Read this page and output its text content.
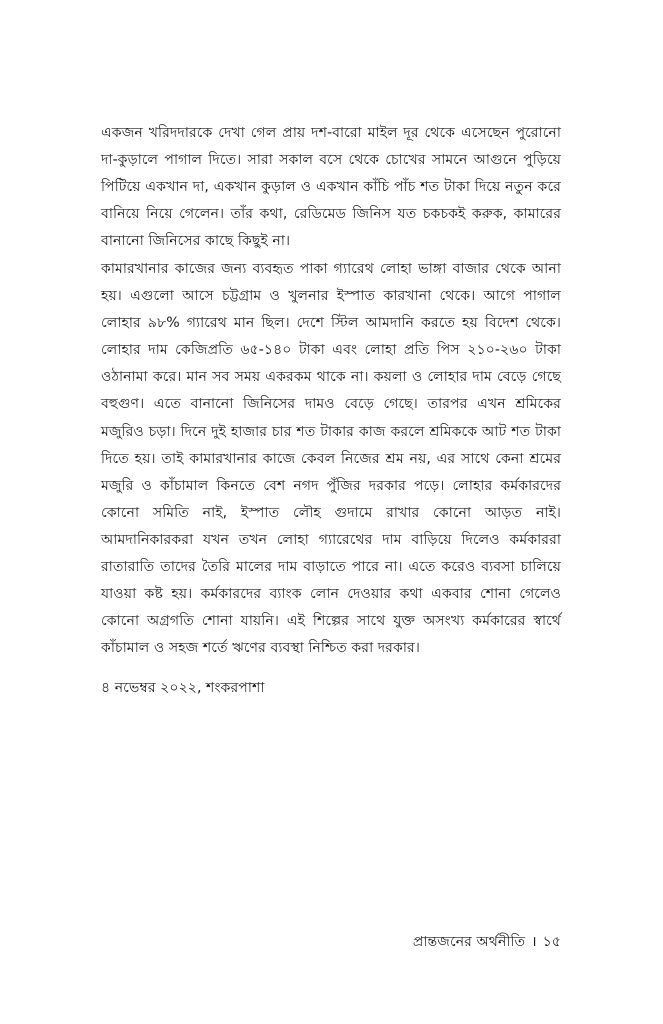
একজন খরিদদারকে দেখা গেল প্রায় দশ-বারো মাইল দূর থেকে এসেছেন পুরোনো দা-কুড়ালে পাগাল দিতে। সারা সকাল বসে থেকে চোখের সামনে আগুনে পুড়িয়ে পিটিয়ে একখান দা, একখান কুড়াল ও একখান কাঁচি পাঁচ শত টাকা দিয়ে নতুন করে বানিয়ে নিয়ে গেলেন। তাঁর কথা, রেডিমেড জিনিস যত চকচকই করুক, কামারের বানানো জিনিসের কাছে কিছুই না।

কামারখানার কাজের জন্য ব্যবহৃত পাকা গ্যারেথ লোহা ভাঙ্গা বাজার থেকে আনা হয়। এগুলো আসে চট্টগ্রাম ও খুলনার ইস্পাত কারখানা থেকে। আগে পাগাল লোহার ৯৮% গ্যারেথ মান ছিল। দেশে স্টিল আমদানি করতে হয় বিদেশ থেকে। লোহার দাম কেজিপ্রতি ৬৫-১৪০ টাকা এবং লোহা প্রতি পিস ২১০-২৬০ টাকা ওঠানামা করে। মান সব সময় একরকম থাকে না। কয়লা ও লোহার দাম বেড়ে গেছে বহুগুণ। এতে বানানো জিনিসের দামও বেড়ে গেছে। তারপর এখন শ্রমিকের মজুরিও চড়া। দিনে দুই হাজার চার শত টাকার কাজ করলে শ্রমিককে আট শত টাকা দিতে হয়। তাই কামারখানার কাজে কেবল নিজের শ্রম নয়, এর সাথে কেনা শ্রমের মজুরি ও কাঁচামাল কিনতে বেশ নগদ পুঁজির দরকার পড়ে। লোহার কর্মকারদের কোনো সমিতি নাই, ইস্পাত লৌহ গুদামে রাখার কোনো আড়ত নাই। আমদানিকারকরা যখন তখন লোহা গ্যারেথের দাম বাড়িয়ে দিলেও কর্মকাররা রাতারাতি তাদের তৈরি মালের দাম বাড়াতে পারে না। এতে করেও ব্যবসা চালিয়ে যাওয়া কষ্ট হয়। কর্মকারদের ব্যাংক লোন দেওয়ার কথা একবার শোনা গেলেও কোনো অগ্রগতি শোনা যায়নি। এই শিল্পের সাথে যুক্ত অসংখ্য কর্মকারের স্বার্থে কাঁচামাল ও সহজ শর্তে ঋণের ব্যবস্থা নিশ্চিত করা দরকার।

৪ নভেম্বর ২০২২, শংকরপাশা

প্রান্তজনের অর্থনীতি । ১৫
